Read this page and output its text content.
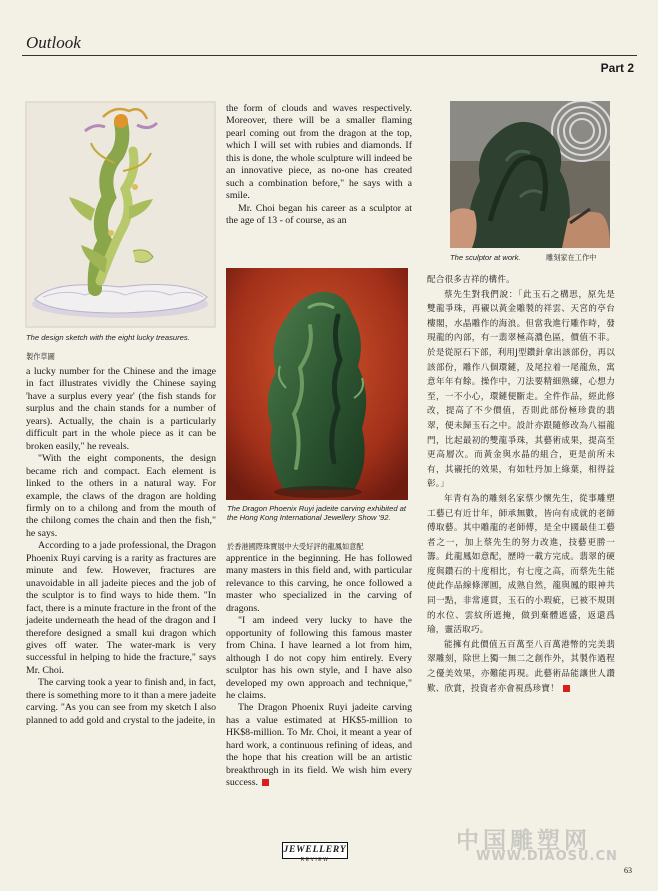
Outlook
Part 2
The design sketch with the eight lucky treasures.
製作草圖
The sculptor at work.	雕刻家在工作中
The Dragon Phoenix Ruyi jadeite carving exhibited at the Hong Kong International Jewellery Show '92.
於香港國際珠寶展中大受好評的龍鳳如意配

a lucky number for the Chinese and the image in fact illustrates vividly the Chinese saying 'have a surplus every year' (the fish stands for surplus and the chain stands for a number of years). Actually, the chain is a particularly difficult part in the whole piece as it can be broken easily," he reveals.

"With the eight components, the design became rich and compact. Each element is linked to the others in a natural way. For example, the claws of the dragon are holding firmly on to a chilong and from the mouth of the chilong comes the chain and then the fish," he says.

According to a jade professional, the Dragon Phoenix Ruyi carving is a rarity as fractures are minute and few. However, fractures are unavoidable in all jadeite pieces and the job of the sculptor is to find ways to hide them. "In fact, there is a minute fracture in the front of the jadeite underneath the head of the dragon and I therefore designed a small kui dragon which gives off water. The water-mark is very successful in helping to hide the fracture," says Mr. Choi.

The carving took a year to finish and, in fact, there is something more to it than a mere jadeite carving. "As you can see from my sketch I also planned to add gold and crystal to the jadeite, in

the form of clouds and waves respectively. Moreover, there will be a smaller flaming pearl coming out from the dragon at the top, which I will set with rubies and diamonds. If this is done, the whole sculpture will indeed be an innovative piece, as no-one has created such a combination before," he says with a smile.

Mr. Choi began his career as a sculptor at the age of 13 - of course, as an

apprentice in the beginning. He has followed many masters in this field and, with particular relevance to this carving, he once followed a master who specialized in the carving of dragons.

"I am indeed very lucky to have the opportunity of following this famous master from China. I have learned a lot from him, although I do not copy him entirely. Every sculptor has his own style, and I have also developed my own approach and technique," he claims.

The Dragon Phoenix Ruyi jadeite carving has a value estimated at HK$5-million to HK$8-million. To Mr. Choi, it meant a year of hard work, a continuous refining of ideas, and the hope that his creation will be an artistic breakthrough in its field. We wish him every success.

配合很多吉祥的構件。

蔡先生對我們說：「此玉石之構思，原先是雙龍爭珠，再襯以黃金雕製的祥雲、天宮的亭台樓閣，水晶雕作的海浪。但當我進行雕作時，發現龍的內部，有一翡翠極高濃色區，價值不菲。於是從原石下部，利用J型鑽針拿出該部份，再以該部份，雕作八個環鏈，及尾拉着一尾龍魚，寓意年年有餘。操作中，刀法要精細熟練，心想力至，一不小心，環鏈便斷走。全件作品，經此修改，提高了不少價值，否則此部份極珍貴的翡翠，便未歸玉石之中。設計亦跟隨修改為八福龍門，比起最初的雙龍爭珠，其藝術成果，提高至更高層次。而黃金與水晶的組合，更是前所未有，其襯托的效果，有如牡丹加上綠葉，相得益彰。」

年青有為的雕刻名家蔡少懷先生，從事雕塑工藝已有近廿年，師承無數，皆向有成就的老師傅取藝。其中雕龍的老師傅，是全中國最佳工藝者之一，加上蔡先生的努力改進，技藝更勝一籌。此龍鳳如意配，歷時一載方完成。翡翠的硬度與鑽石的十度相比，有七度之高，而蔡先生能使此作品線條渾圓，成熟自然，龍與鳳的眼神共同一點，非常連貫，玉石的小瑕疵，已被不規則的水位、雲紋所遮掩，做到棄體遮盛，返還爲瑜，靈活取巧。

能擁有此價值五百萬至八百萬港幣的完美翡翠雕刻，除世上獨一無二之創作外，其製作過程之優美效果，亦難能再現。此藝術品能讓世人讚歎、欣賞，投資者亦會視爲珍寶！

JEWELLERY
REVIEW
中国雕塑网
WWW.DIAOSU.CN
63
